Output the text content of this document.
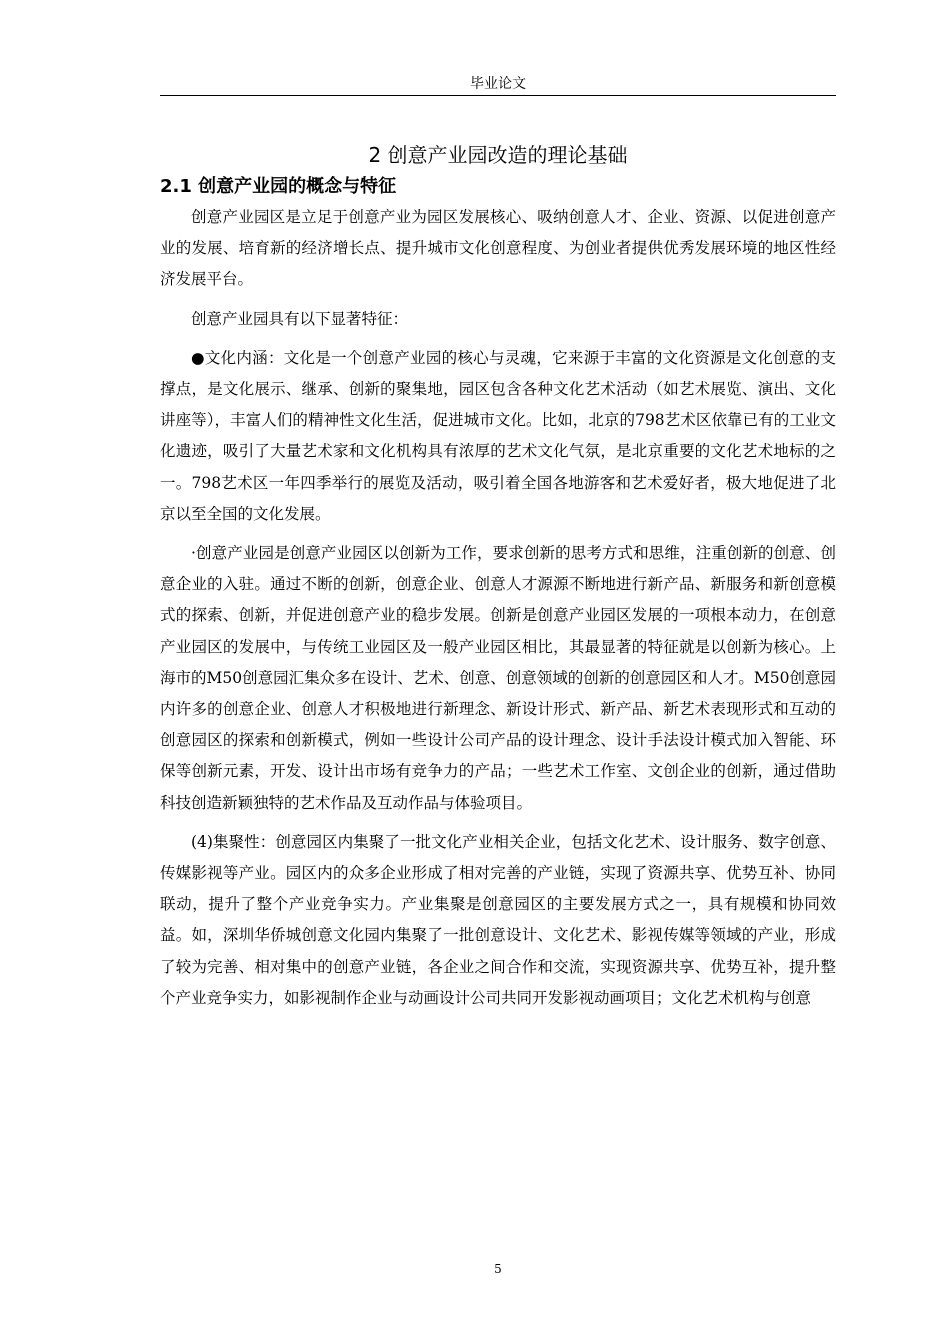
毕业论文
2 创意产业园改造的理论基础
2.1 创意产业园的概念与特征

创意产业园区是立足于创意产业为园区发展核心、吸纳创意人才、企业、资源、以促进创意产业的发展、培育新的经济增长点、提升城市文化创意程度、为创业者提供优秀发展环境的地区性经济发展平台。

创意产业园具有以下显著特征：

●文化内涵：文化是一个创意产业园的核心与灵魂，它来源于丰富的文化资源是文化创意的支撑点，是文化展示、继承、创新的聚集地，园区包含各种文化艺术活动（如艺术展览、演出、文化讲座等），丰富人们的精神性文化生活，促进城市文化。比如，北京的798艺术区依靠已有的工业文化遗迹，吸引了大量艺术家和文化机构具有浓厚的艺术文化气氛，是北京重要的文化艺术地标的之一。798艺术区一年四季举行的展览及活动，吸引着全国各地游客和艺术爱好者，极大地促进了北京以至全国的文化发展。

·创意产业园是创意产业园区以创新为工作，要求创新的思考方式和思维，注重创新的创意、创意企业的入驻。通过不断的创新，创意企业、创意人才源源不断地进行新产品、新服务和新创意模式的探索、创新，并促进创意产业的稳步发展。创新是创意产业园区发展的一项根本动力，在创意产业园区的发展中，与传统工业园区及一般产业园区相比，其最显著的特征就是以创新为核心。上海市的M50创意园汇集众多在设计、艺术、创意、创意领域的创新的创意园区和人才。M50创意园内许多的创意企业、创意人才积极地进行新理念、新设计形式、新产品、新艺术表现形式和互动的创意园区的探索和创新模式，例如一些设计公司产品的设计理念、设计手法设计模式加入智能、环保等创新元素，开发、设计出市场有竞争力的产品；一些艺术工作室、文创企业的创新，通过借助科技创造新颖独特的艺术作品及互动作品与体验项目。

(4)集聚性：创意园区内集聚了一批文化产业相关企业，包括文化艺术、设计服务、数字创意、传媒影视等产业。园区内的众多企业形成了相对完善的产业链，实现了资源共享、优势互补、协同联动，提升了整个产业竞争实力。产业集聚是创意园区的主要发展方式之一，具有规模和协同效益。如，深圳华侨城创意文化园内集聚了一批创意设计、文化艺术、影视传媒等领域的产业，形成了较为完善、相对集中的创意产业链，各企业之间合作和交流，实现资源共享、优势互补，提升整个产业竞争实力，如影视制作企业与动画设计公司共同开发影视动画项目；文化艺术机构与创意

5
